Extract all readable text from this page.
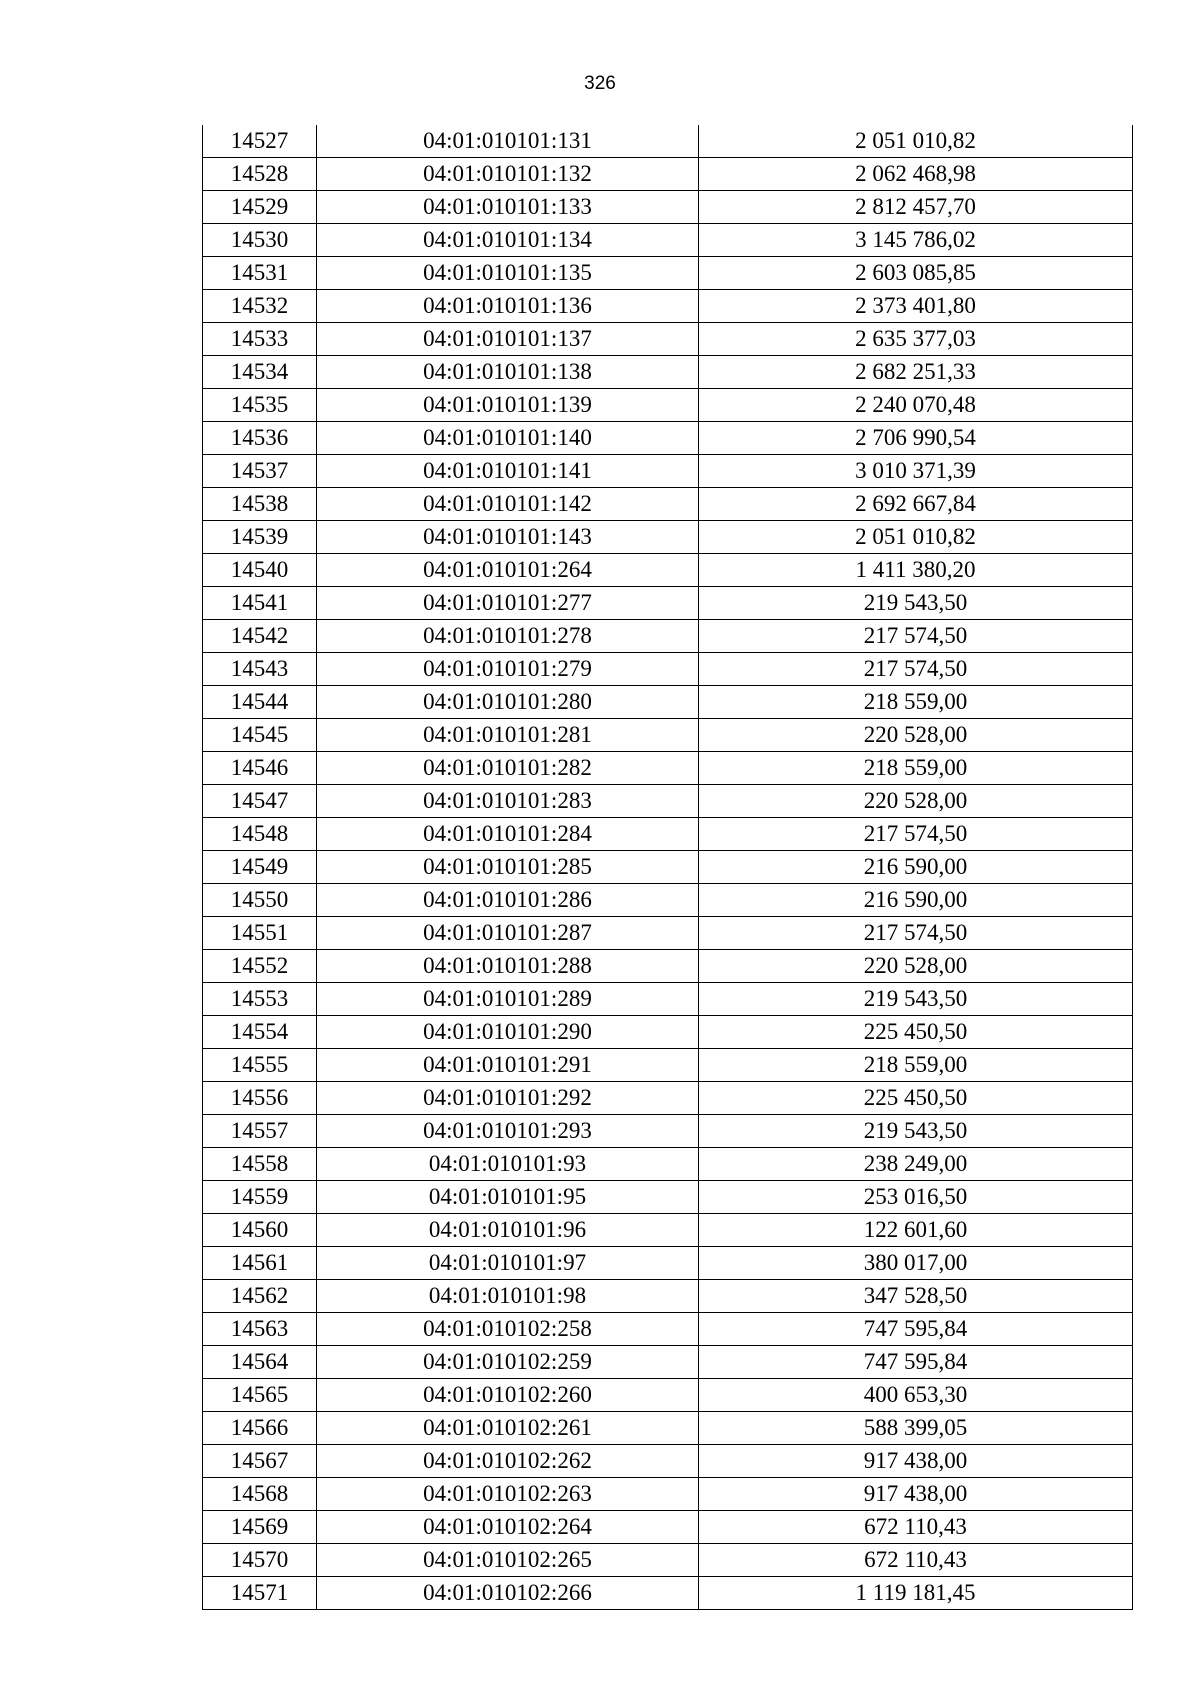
326
14527	04:01:010101:131	2 051 010,82
14528	04:01:010101:132	2 062 468,98
14529	04:01:010101:133	2 812 457,70
14530	04:01:010101:134	3 145 786,02
14531	04:01:010101:135	2 603 085,85
14532	04:01:010101:136	2 373 401,80
14533	04:01:010101:137	2 635 377,03
14534	04:01:010101:138	2 682 251,33
14535	04:01:010101:139	2 240 070,48
14536	04:01:010101:140	2 706 990,54
14537	04:01:010101:141	3 010 371,39
14538	04:01:010101:142	2 692 667,84
14539	04:01:010101:143	2 051 010,82
14540	04:01:010101:264	1 411 380,20
14541	04:01:010101:277	219 543,50
14542	04:01:010101:278	217 574,50
14543	04:01:010101:279	217 574,50
14544	04:01:010101:280	218 559,00
14545	04:01:010101:281	220 528,00
14546	04:01:010101:282	218 559,00
14547	04:01:010101:283	220 528,00
14548	04:01:010101:284	217 574,50
14549	04:01:010101:285	216 590,00
14550	04:01:010101:286	216 590,00
14551	04:01:010101:287	217 574,50
14552	04:01:010101:288	220 528,00
14553	04:01:010101:289	219 543,50
14554	04:01:010101:290	225 450,50
14555	04:01:010101:291	218 559,00
14556	04:01:010101:292	225 450,50
14557	04:01:010101:293	219 543,50
14558	04:01:010101:93	238 249,00
14559	04:01:010101:95	253 016,50
14560	04:01:010101:96	122 601,60
14561	04:01:010101:97	380 017,00
14562	04:01:010101:98	347 528,50
14563	04:01:010102:258	747 595,84
14564	04:01:010102:259	747 595,84
14565	04:01:010102:260	400 653,30
14566	04:01:010102:261	588 399,05
14567	04:01:010102:262	917 438,00
14568	04:01:010102:263	917 438,00
14569	04:01:010102:264	672 110,43
14570	04:01:010102:265	672 110,43
14571	04:01:010102:266	1 119 181,45
